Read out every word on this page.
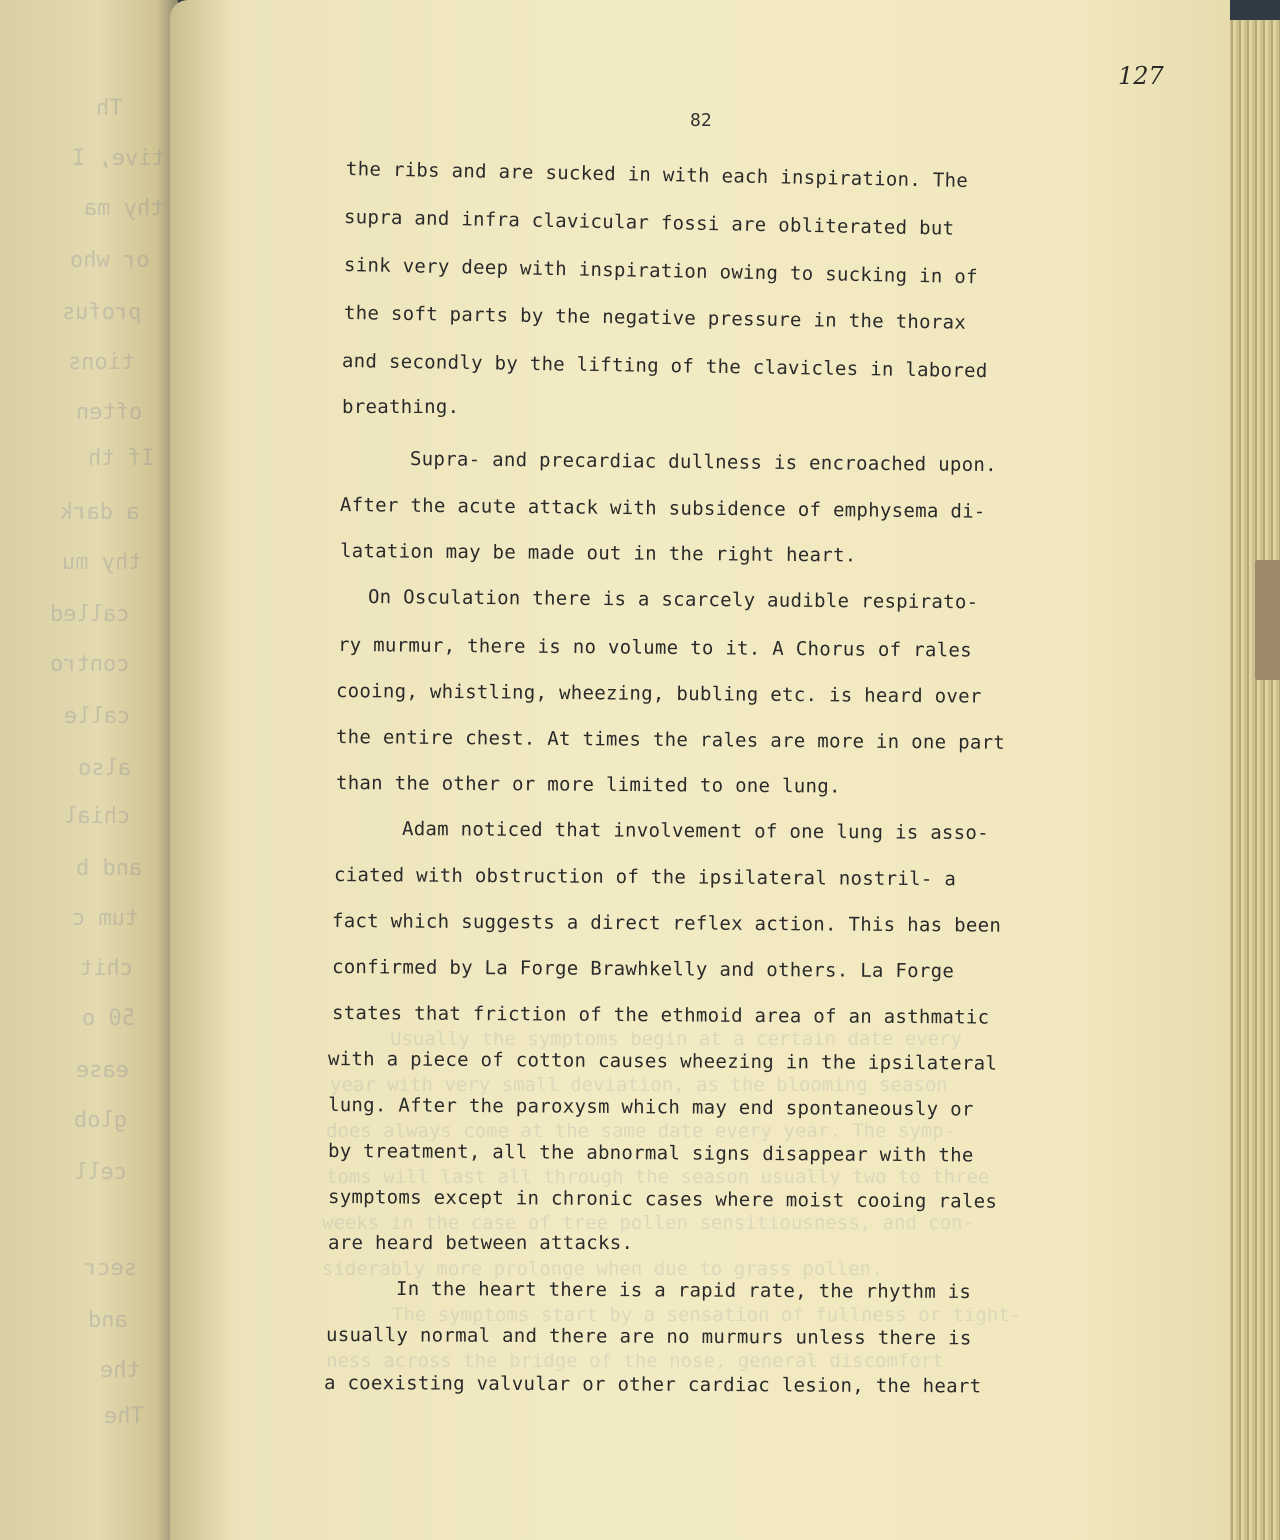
Th
tive, I
thy ma
or who
profus
tions
often
If th
a dark
thy mu
called
contro
calle
also
chial
and b
tum c
chit
50 o
ease
glob
cell
secr
and
the
The
Usually the symptoms begin at a certain date every
year with very small deviation, as the blooming season
does always come at the same date every year. The symp-
toms will last all through the season usually two to three
weeks in the case of tree pollen sensitiousness, and con-
siderably more prolonge when due to grass pollen.
The symptoms start by a sensation of fullness or tight-
ness across the bridge of the nose, general discomfort
127
82
the ribs and are sucked in with each inspiration. The
supra and infra clavicular fossi are obliterated but
sink very deep with inspiration owing to sucking in of
the soft parts by the negative pressure in the thorax
and secondly by the lifting of the clavicles in labored
breathing.
Supra- and precardiac dullness is encroached upon.
After the acute attack with subsidence of emphysema di-
latation may be made out in the right heart.
On Osculation there is a scarcely audible respirato-
ry murmur, there is no volume to it. A Chorus of rales
cooing, whistling, wheezing, bubling etc. is heard over
the entire chest. At times the rales are more in one part
than the other or more limited to one lung.
Adam noticed that involvement of one lung is asso-
ciated with obstruction of the ipsilateral nostril- a
fact which suggests a direct reflex action. This has been
confirmed by La Forge Brawhkelly and others. La Forge
states that friction of the ethmoid area of an asthmatic
with a piece of cotton causes wheezing in the ipsilateral
lung. After the paroxysm which may end spontaneously or
by treatment, all the abnormal signs disappear with the
symptoms except in chronic cases where moist cooing rales
are heard between attacks.
In the heart there is a rapid rate, the rhythm is
usually normal and there are no murmurs unless there is
a coexisting valvular or other cardiac lesion, the heart
